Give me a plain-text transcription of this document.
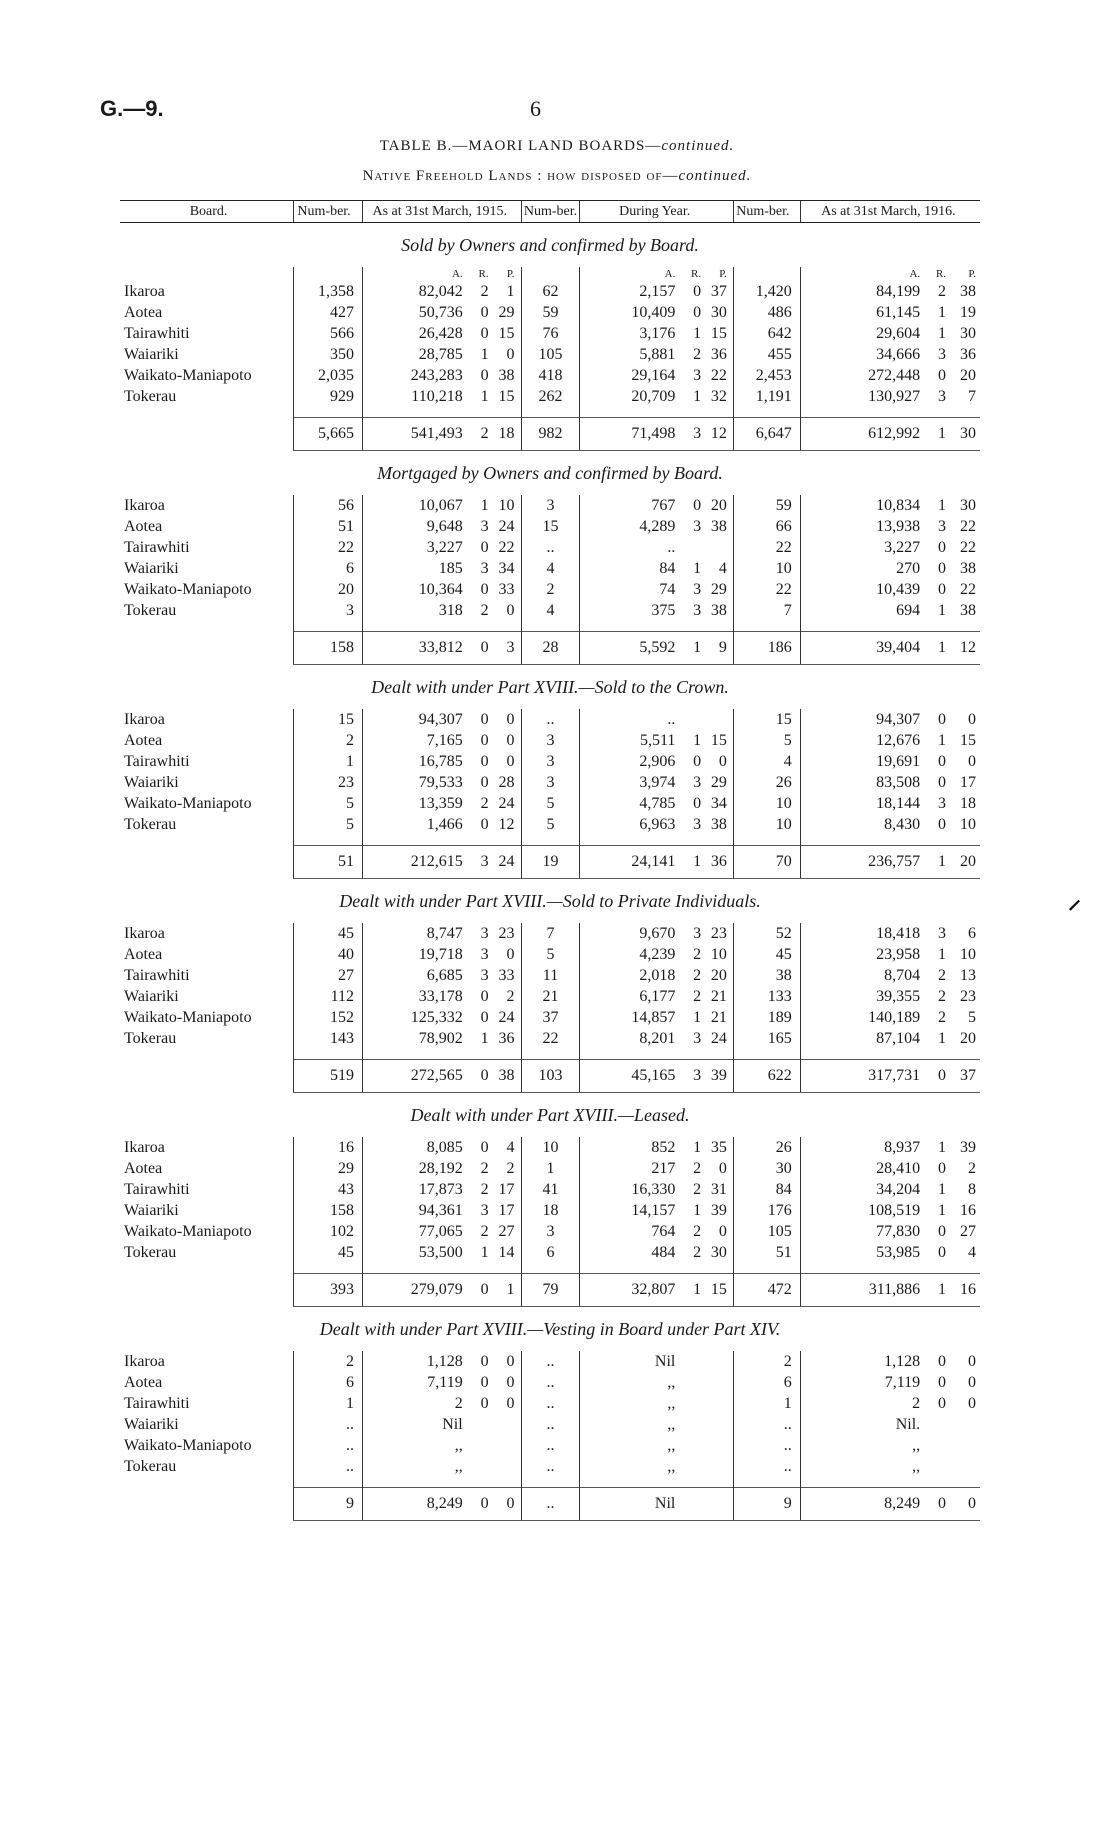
G.—9.	6
TABLE B.—MAORI LAND BOARDS—continued.
Native Freehold Lands : how disposed of—continued.
Board.	Num-ber.	As at 31st March, 1915.			Num-ber.	During Year.			Num-ber.	As at 31st March, 1916.		
Sold by Owners and confirmed by Board.												
		A.	R.	P.		A.	R.	P.		A.	R.	P.
Ikaroa	1,358	82,042	2	1	62	2,157	0	37	1,420	84,199	2	38
Aotea	427	50,736	0	29	59	10,409	0	30	486	61,145	1	19
Tairawhiti	566	26,428	0	15	76	3,176	1	15	642	29,604	1	30
Waiariki	350	28,785	1	0	105	5,881	2	36	455	34,666	3	36
Waikato-Maniapoto	2,035	243,283	0	38	418	29,164	3	22	2,453	272,448	0	20
Tokerau	929	110,218	1	15	262	20,709	1	32	1,191	130,927	3	7

	5,665	541,493	2	18	982	71,498	3	12	6,647	612,992	1	30
Mortgaged by Owners and confirmed by Board.												
Ikaroa	56	10,067	1	10	3	767	0	20	59	10,834	1	30
Aotea	51	9,648	3	24	15	4,289	3	38	66	13,938	3	22
Tairawhiti	22	3,227	0	22	..	..			22	3,227	0	22
Waiariki	6	185	3	34	4	84	1	4	10	270	0	38
Waikato-Maniapoto	20	10,364	0	33	2	74	3	29	22	10,439	0	22
Tokerau	3	318	2	0	4	375	3	38	7	694	1	38

	158	33,812	0	3	28	5,592	1	9	186	39,404	1	12
Dealt with under Part XVIII.—Sold to the Crown.												
Ikaroa	15	94,307	0	0	..	..			15	94,307	0	0
Aotea	2	7,165	0	0	3	5,511	1	15	5	12,676	1	15
Tairawhiti	1	16,785	0	0	3	2,906	0	0	4	19,691	0	0
Waiariki	23	79,533	0	28	3	3,974	3	29	26	83,508	0	17
Waikato-Maniapoto	5	13,359	2	24	5	4,785	0	34	10	18,144	3	18
Tokerau	5	1,466	0	12	5	6,963	3	38	10	8,430	0	10

	51	212,615	3	24	19	24,141	1	36	70	236,757	1	20
Dealt with under Part XVIII.—Sold to Private Individuals.												
Ikaroa	45	8,747	3	23	7	9,670	3	23	52	18,418	3	6
Aotea	40	19,718	3	0	5	4,239	2	10	45	23,958	1	10
Tairawhiti	27	6,685	3	33	11	2,018	2	20	38	8,704	2	13
Waiariki	112	33,178	0	2	21	6,177	2	21	133	39,355	2	23
Waikato-Maniapoto	152	125,332	0	24	37	14,857	1	21	189	140,189	2	5
Tokerau	143	78,902	1	36	22	8,201	3	24	165	87,104	1	20

	519	272,565	0	38	103	45,165	3	39	622	317,731	0	37
Dealt with under Part XVIII.—Leased.												
Ikaroa	16	8,085	0	4	10	852	1	35	26	8,937	1	39
Aotea	29	28,192	2	2	1	217	2	0	30	28,410	0	2
Tairawhiti	43	17,873	2	17	41	16,330	2	31	84	34,204	1	8
Waiariki	158	94,361	3	17	18	14,157	1	39	176	108,519	1	16
Waikato-Maniapoto	102	77,065	2	27	3	764	2	0	105	77,830	0	27
Tokerau	45	53,500	1	14	6	484	2	30	51	53,985	0	4

	393	279,079	0	1	79	32,807	1	15	472	311,886	1	16
Dealt with under Part XVIII.—Vesting in Board under Part XIV.												
Ikaroa	2	1,128	0	0	..	Nil			2	1,128	0	0
Aotea	6	7,119	0	0	..	,,			6	7,119	0	0
Tairawhiti	1	2	0	0	..	,,			1	2	0	0
Waiariki	..	Nil			..	,,			..	Nil.		
Waikato-Maniapoto	..	,,			..	,,			..	,,		
Tokerau	..	,,			..	,,			..	,,		

	9	8,249	0	0	..	Nil			9	8,249	0	0
⸝
